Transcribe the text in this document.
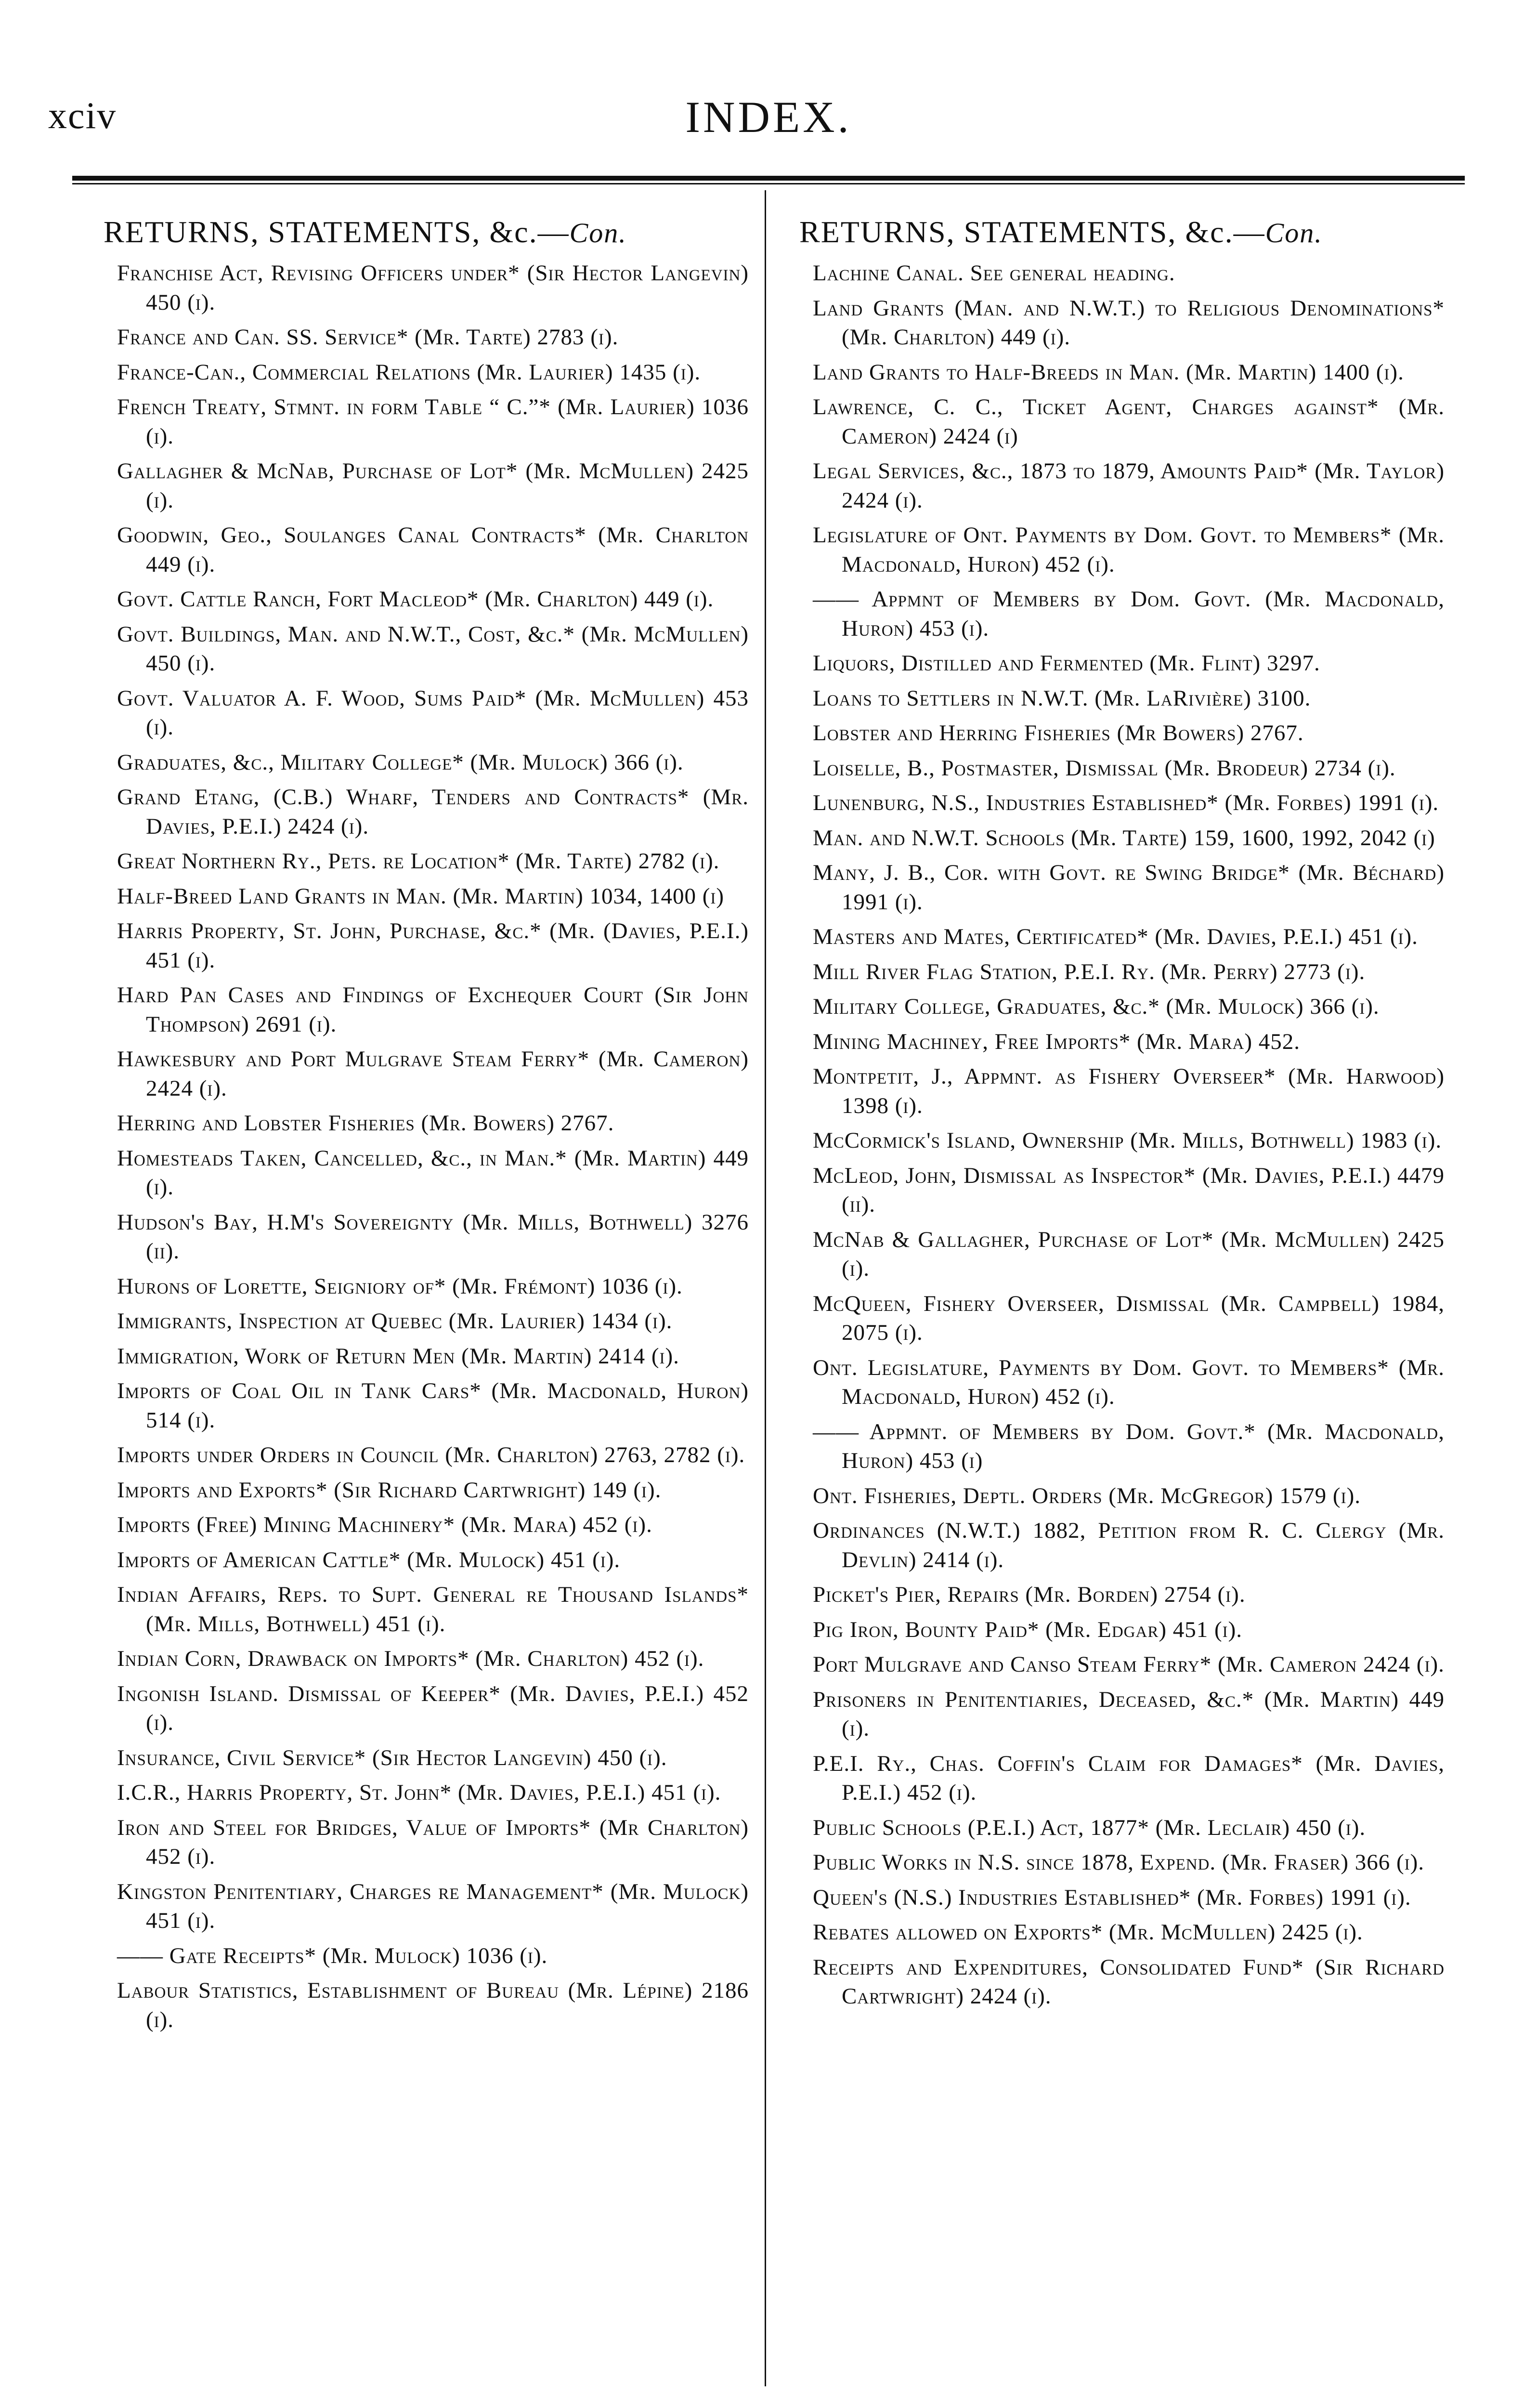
xciv	INDEX.
RETURNS, STATEMENTS, &c.—Con.

Franchise Act, Revising Officers under* (Sir Hector Langevin) 450 (i).

France and Can. SS. Service* (Mr. Tarte) 2783 (i).

France-Can., Commercial Relations (Mr. Laurier) 1435 (i).

French Treaty, Stmnt. in form Table “ C.”* (Mr. Laurier) 1036 (i).

Gallagher & McNab, Purchase of Lot* (Mr. McMullen) 2425 (i).

Goodwin, Geo., Soulanges Canal Contracts* (Mr. Charlton 449 (i).

Govt. Cattle Ranch, Fort Macleod* (Mr. Charlton) 449 (i).

Govt. Buildings, Man. and N.W.T., Cost, &c.* (Mr. McMullen) 450 (i).

Govt. Valuator A. F. Wood, Sums Paid* (Mr. McMullen) 453 (i).

Graduates, &c., Military College* (Mr. Mulock) 366 (i).

Grand Etang, (C.B.) Wharf, Tenders and Contracts* (Mr. Davies, P.E.I.) 2424 (i).

Great Northern Ry., Pets. re Location* (Mr. Tarte) 2782 (i).

Half-Breed Land Grants in Man. (Mr. Martin) 1034, 1400 (i)

Harris Property, St. John, Purchase, &c.* (Mr. (Davies, P.E.I.) 451 (i).

Hard Pan Cases and Findings of Exchequer Court (Sir John Thompson) 2691 (i).

Hawkesbury and Port Mulgrave Steam Ferry* (Mr. Cameron) 2424 (i).

Herring and Lobster Fisheries (Mr. Bowers) 2767.

Homesteads Taken, Cancelled, &c., in Man.* (Mr. Martin) 449 (i).

Hudson's Bay, H.M's Sovereignty (Mr. Mills, Bothwell) 3276 (ii).

Hurons of Lorette, Seigniory of* (Mr. Frémont) 1036 (i).

Immigrants, Inspection at Quebec (Mr. Laurier) 1434 (i).

Immigration, Work of Return Men (Mr. Martin) 2414 (i).

Imports of Coal Oil in Tank Cars* (Mr. Macdonald, Huron) 514 (i).

Imports under Orders in Council (Mr. Charlton) 2763, 2782 (i).

Imports and Exports* (Sir Richard Cartwright) 149 (i).

Imports (Free) Mining Machinery* (Mr. Mara) 452 (i).

Imports of American Cattle* (Mr. Mulock) 451 (i).

Indian Affairs, Reps. to Supt. General re Thousand Islands* (Mr. Mills, Bothwell) 451 (i).

Indian Corn, Drawback on Imports* (Mr. Charlton) 452 (i).

Ingonish Island. Dismissal of Keeper* (Mr. Davies, P.E.I.) 452 (i).

Insurance, Civil Service* (Sir Hector Langevin) 450 (i).

I.C.R., Harris Property, St. John* (Mr. Davies, P.E.I.) 451 (i).

Iron and Steel for Bridges, Value of Imports* (Mr Charlton) 452 (i).

Kingston Penitentiary, Charges re Management* (Mr. Mulock) 451 (i).

—— Gate Receipts* (Mr. Mulock) 1036 (i).

Labour Statistics, Establishment of Bureau (Mr. Lépine) 2186 (i).

RETURNS, STATEMENTS, &c.—Con.

Lachine Canal. See general heading.

Land Grants (Man. and N.W.T.) to Religious Denominations* (Mr. Charlton) 449 (i).

Land Grants to Half-Breeds in Man. (Mr. Martin) 1400 (i).

Lawrence, C. C., Ticket Agent, Charges against* (Mr. Cameron) 2424 (i)

Legal Services, &c., 1873 to 1879, Amounts Paid* (Mr. Taylor) 2424 (i).

Legislature of Ont. Payments by Dom. Govt. to Members* (Mr. Macdonald, Huron) 452 (i).

—— Appmnt of Members by Dom. Govt. (Mr. Macdonald, Huron) 453 (i).

Liquors, Distilled and Fermented (Mr. Flint) 3297.

Loans to Settlers in N.W.T. (Mr. LaRivière) 3100.

Lobster and Herring Fisheries (Mr Bowers) 2767.

Loiselle, B., Postmaster, Dismissal (Mr. Brodeur) 2734 (i).

Lunenburg, N.S., Industries Established* (Mr. Forbes) 1991 (i).

Man. and N.W.T. Schools (Mr. Tarte) 159, 1600, 1992, 2042 (i)

Many, J. B., Cor. with Govt. re Swing Bridge* (Mr. Béchard) 1991 (i).

Masters and Mates, Certificated* (Mr. Davies, P.E.I.) 451 (i).

Mill River Flag Station, P.E.I. Ry. (Mr. Perry) 2773 (i).

Military College, Graduates, &c.* (Mr. Mulock) 366 (i).

Mining Machiney, Free Imports* (Mr. Mara) 452.

Montpetit, J., Appmnt. as Fishery Overseer* (Mr. Harwood) 1398 (i).

McCormick's Island, Ownership (Mr. Mills, Bothwell) 1983 (i).

McLeod, John, Dismissal as Inspector* (Mr. Davies, P.E.I.) 4479 (ii).

McNab & Gallagher, Purchase of Lot* (Mr. McMullen) 2425 (i).

McQueen, Fishery Overseer, Dismissal (Mr. Campbell) 1984, 2075 (i).

Ont. Legislature, Payments by Dom. Govt. to Members* (Mr. Macdonald, Huron) 452 (i).

—— Appmnt. of Members by Dom. Govt.* (Mr. Macdonald, Huron) 453 (i)

Ont. Fisheries, Deptl. Orders (Mr. McGregor) 1579 (i).

Ordinances (N.W.T.) 1882, Petition from R. C. Clergy (Mr. Devlin) 2414 (i).

Picket's Pier, Repairs (Mr. Borden) 2754 (i).

Pig Iron, Bounty Paid* (Mr. Edgar) 451 (i).

Port Mulgrave and Canso Steam Ferry* (Mr. Cameron 2424 (i).

Prisoners in Penitentiaries, Deceased, &c.* (Mr. Martin) 449 (i).

P.E.I. Ry., Chas. Coffin's Claim for Damages* (Mr. Davies, P.E.I.) 452 (i).

Public Schools (P.E.I.) Act, 1877* (Mr. Leclair) 450 (i).

Public Works in N.S. since 1878, Expend. (Mr. Fraser) 366 (i).

Queen's (N.S.) Industries Established* (Mr. Forbes) 1991 (i).

Rebates allowed on Exports* (Mr. McMullen) 2425 (i).

Receipts and Expenditures, Consolidated Fund* (Sir Richard Cartwright) 2424 (i).
